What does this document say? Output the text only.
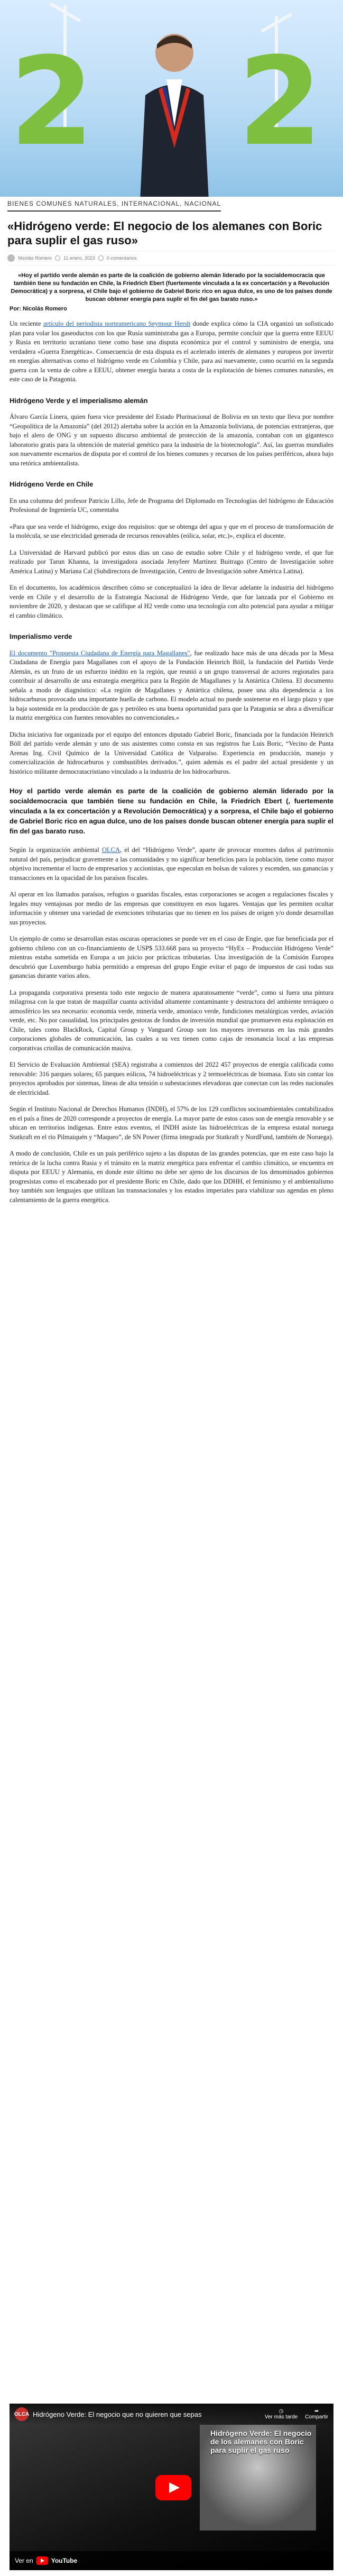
2 2
BIENES COMUNES NATURALES, INTERNACIONAL, NACIONAL
«Hidrógeno verde: El negocio de los alemanes con Boric para suplir el gas ruso»
Nicolás Romero 11 enero, 2023 0 comentarios
«Hoy el partido verde alemán es parte de la coalición de gobierno alemán liderado por la socialdemocracia que también tiene su fundación en Chile, la Friedrich Ebert (fuertemente vinculada a la ex concertación y a Revolución Democrática) y a sorpresa, el Chile bajo el gobierno de Gabriel Boric rico en agua dulce, es uno de los países donde buscan obtener energía para suplir el fin del gas barato ruso.»
Por: Nicolás Romero

Un reciente artículo del periodista norteamericano Seymour Hersh donde explica cómo la CIA organizó un sofisticado plan para volar los gaseoductos con los que Rusia suministraba gas a Europa, permite concluir que la guerra entre EEUU y Rusia en territorio ucraniano tiene como base una disputa económica por el control y suministro de energía, una verdadera «Guerra Energética». Consecuencia de esta disputa es el acelerado interés de alemanes y europeos por invertir en energías alternativas como el hidrógeno verde en Colombia y Chile, para así nuevamente, como ocurrió en la segunda guerra con la venta de cobre a EEUU, obtener energía barata a costa de la explotación de bienes comunes naturales, en este caso de la Patagonia.

Hidrógeno Verde y el imperialismo alemán

Álvaro García Linera, quien fuera vice presidente del Estado Plurinacional de Bolivia en un texto que lleva por nombre “Geopolítica de la Amazonía” (del 2012) alertaba sobre la acción en la Amazonía boliviana, de potencias extranjeras, que bajo el alero de ONG y un supuesto discurso ambiental de protección de la amazonía, contaban con un gigantesco laboratorio gratis para la obtención de material genético para la industria de la biotecnología”. Así, las guerras mundiales son nuevamente escenarios de disputa por el control de los bienes comunes y recursos de los países periféricos, ahora bajo una retórica ambientalista.

Hidrógeno Verde en Chile

En una columna del profesor Patricio Lillo, Jefe de Programa del Diplomado en Tecnologías del hidrógeno de Educación Profesional de Ingeniería UC, comentaba

«Para que sea verde el hidrógeno, exige dos requisitos: que se obtenga del agua y que en el proceso de transformación de la molécula, se use electricidad generada de recursos renovables (eólica, solar, etc.)», explica el docente.

La Universidad de Harvard publicó por estos días un caso de estudio sobre Chile y el hidrógeno verde, el que fue realizado por Tarun Khanna, la investigadora asociada Jenyfeer Martínez Buitrago (Centro de Investigación sobre América Latina) y Mariana Cal (Subdirectora de Investigación, Centro de Investigación sobre América Latina).

En el documento, los académicos describen cómo se conceptualizó la idea de llevar adelante la industria del hidrógeno verde en Chile y el desarrollo de la Estrategia Nacional de Hidrógeno Verde, que fue lanzada por el Gobierno en noviembre de 2020, y destacan que se califique al H2 verde como una tecnología con alto potencial para ayudar a mitigar el cambio climático.

Imperialismo verde

El documento "Propuesta Ciudadana de Energía para Magallanes", fue realizado hace más de una década por la Mesa Ciudadana de Energía para Magallanes con el apoyo de la Fundación Heinrich Böll, la fundación del Partido Verde Alemán, es un fruto de un esfuerzo inédito en la región, que reunió a un grupo transversal de actores regionales para contribuir al desarrollo de una estrategia energética para la Región de Magallanes y la Antártica Chilena. El documento señala a modo de diagnóstico: «La región de Magallanes y Antártica chilena, posee una alta dependencia a los hidrocarburos provocado una importante huella de carbono. El modelo actual no puede sostenerse en el largo plazo y que la baja sostenida en la producción de gas y petróleo es una buena oportunidad para que la Patagonia se abra a diversificar la matriz energética con fuentes renovables no convencionales.»

Dicha iniciativa fue organizada por el equipo del entonces diputado Gabriel Boric, financiada por la fundación Heinrich Böll del partido verde alemán y uno de sus asistentes como consta en sus registros fue Luis Boric, “Vecino de Punta Arenas Ing. Civil Químico de la Universidad Católica de Valparaíso. Experiencia en producción, manejo y comercialización de hidrocarburos y combustibles derivados.”, quien además es el padre del actual presidente y un histórico militante democratacristiano vinculado a la industria de los hidrocarburos.

Hoy el partido verde alemán es parte de la coalición de gobierno alemán liderado por la socialdemocracia que también tiene su fundación en Chile, la Friedrich Ebert (, fuertemente vinculada a la ex concertación y a Revolución Democrática) y a sorpresa, el Chile bajo el gobierno de Gabriel Boric rico en agua dulce, uno de los países donde buscan obtener energía para suplir el fin del gas barato ruso.

Según la organización ambiental OLCA, el del “Hidrógeno Verde”, aparte de provocar enormes daños al patrimonio natural del país, perjudicar gravemente a las comunidades y no significar beneficios para la población, tiene como mayor objetivo incrementar el lucro de empresarios y accionistas, que especulan en bolsas de valores y escenden, sus ganancias y transacciones en la opacidad de los paraísos fiscales.

Al operar en los llamados paraísos, refugios o guaridas fiscales, estas corporaciones se acogen a regulaciones fiscales y legales muy ventajosas por medio de las empresas que constituyen en esos lugares. Ventajas que les permiten ocultar información y obtener una variedad de exenciones tributarias que no tienen en los países de origen y/o donde desarrollan sus proyectos.

Un ejemplo de como se desarrollan estas oscuras operaciones se puede ver en el caso de Engie, que fue beneficiada por el gobierno chileno con un co-financiamiento de USP$ 533.668 para su proyecto “HyEx – Producción Hidrógeno Verde” mientras estaba sometida en Europa a un juicio por prácticas tributarias. Una investigación de la Comisión Europea descubrió que Luxemburgo había permitido a empresas del grupo Engie evitar el pago de impuestos de casi todas sus ganancias durante varios años.

La propaganda corporativa presenta todo este negocio de manera aparatosamente “verde”, como si fuera una pintura milagrosa con la que tratan de maquillar cuanta actividad altamente contaminante y destructora del ambiente terráqueo o atmosférico les sea necesario: economía verde, minería verde, amoníaco verde, fundiciones metalúrgicas verdes, aviación verde, etc. No por casualidad, los principales gestoras de fondos de inversión mundial que promueven esta explotación en Chile, tales como BlackRock, Capital Group y Vanguard Group son los mayores inversoras en las más grandes corporaciones globales de comunicación, las cuales a su vez tienen como cajas de resonancia local a las empresas corporativas criollas de comunicación masiva.

El Servicio de Evaluación Ambiental (SEA) registraba a comienzos del 2022 457 proyectos de energía calificada como renovable: 316 parques solares; 65 parques eólicos, 74 hidroeléctricas y 2 termoeléctricas de biomasa. Esto sin contar los proyectos aprobados por sistemas, líneas de alta tensión o subestaciones elevadoras que conectan con las redes nacionales de electricidad.

Según el Instituto Nacional de Derechos Humanos (INDH), el 57% de los 129 conflictos socioambientales contabilizados en el país a fines de 2020 corresponde a proyectos de energía. La mayor parte de estos casos son de energía renovable y se ubican en territorios indígenas. Entre estos eventos, el INDH asiste las hidroeléctricas de la empresa estatal noruega Statkraft en el río Pilmaiquén y “Maqueo”, de SN Power (firma integrada por Statkraft y NordFund, también de Noruega).

A modo de conclusión, Chile es un país periférico sujeto a las disputas de las grandes potencias, que en este caso bajo la retórica de la lucha contra Rusia y el tránsito en la matriz energética para enfrentar el cambio climático, se encuentra en disputa por EEUU y Alemania, en donde este último no debe ser ajeno de los discursos de los denominados gobiernos progresistas como el encabezado por el presidente Boric en Chile, dado que los DDHH, el feminismo y el ambientalismo hoy también son lenguajes que utilizan las transnacionales y los estados imperiales para viabilizar sus agendas en pleno calentamiento de la guerra energética.

OLCA Hidrógeno Verde: El negocio que no quieren que sepas	◷
Ver más tarde
➦
Compartir
Hidrógeno Verde: El negocio de los alemanes con Boric para suplir el gas ruso
Ver en	YouTube
